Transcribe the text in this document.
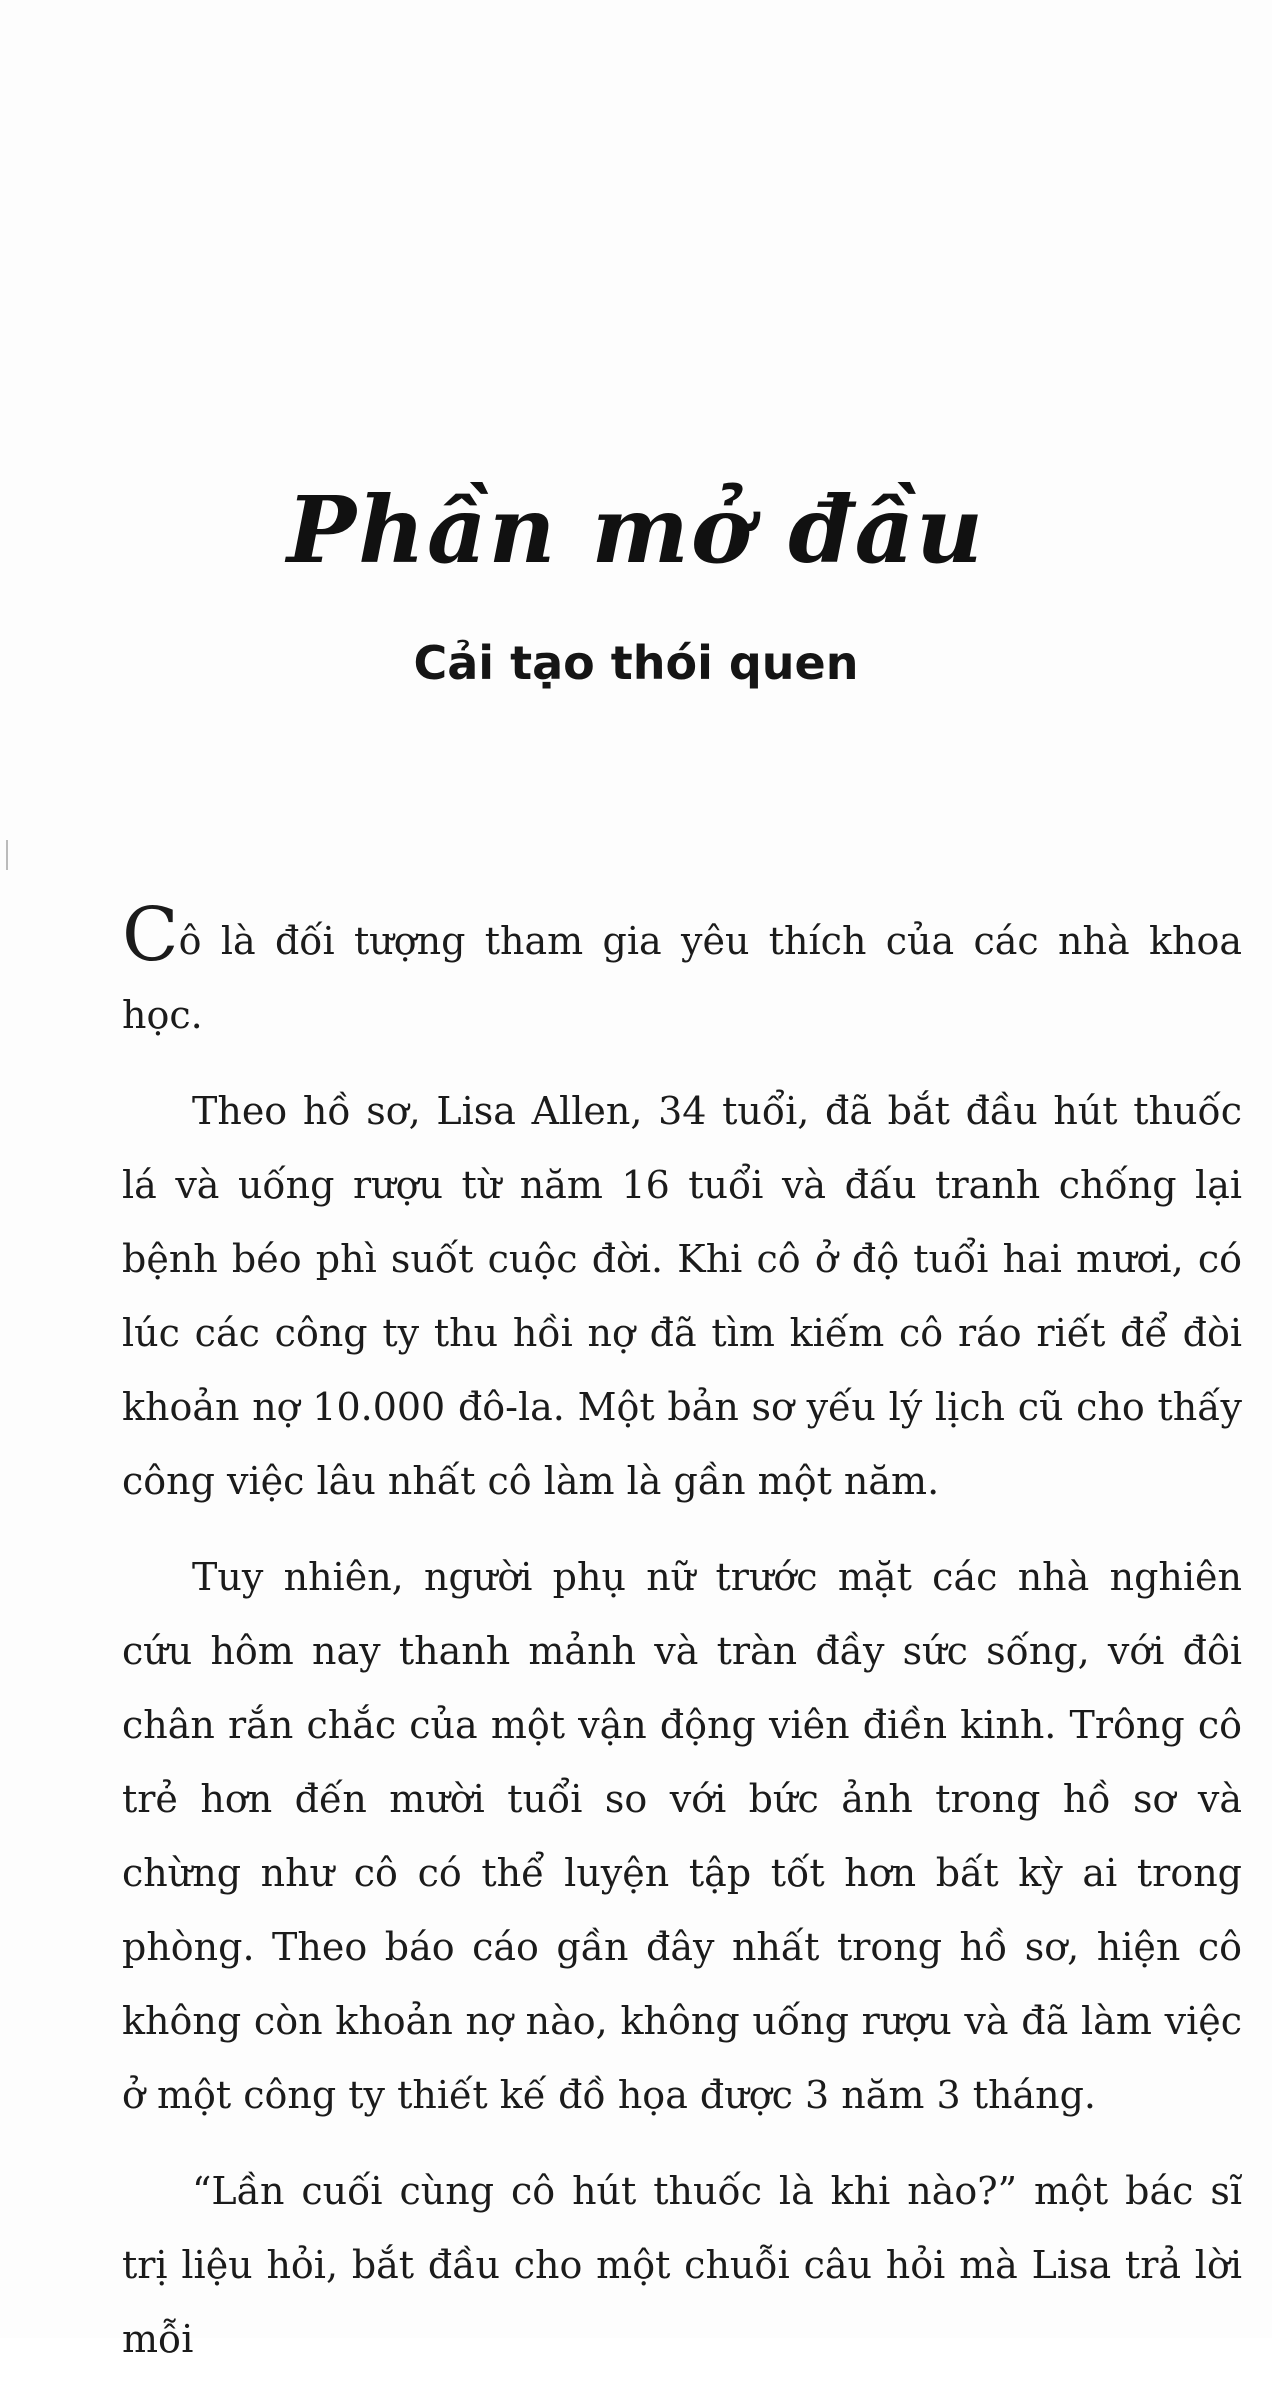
Phần mở đầu
Cải tạo thói quen

Cô là đối tượng tham gia yêu thích của các nhà khoa học.

Theo hồ sơ, Lisa Allen, 34 tuổi, đã bắt đầu hút thuốc lá và uống rượu từ năm 16 tuổi và đấu tranh chống lại bệnh béo phì suốt cuộc đời. Khi cô ở độ tuổi hai mươi, có lúc các công ty thu hồi nợ đã tìm kiếm cô ráo riết để đòi khoản nợ 10.000 đô-la. Một bản sơ yếu lý lịch cũ cho thấy công việc lâu nhất cô làm là gần một năm.

Tuy nhiên, người phụ nữ trước mặt các nhà nghiên cứu hôm nay thanh mảnh và tràn đầy sức sống, với đôi chân rắn chắc của một vận động viên điền kinh. Trông cô trẻ hơn đến mười tuổi so với bức ảnh trong hồ sơ và chừng như cô có thể luyện tập tốt hơn bất kỳ ai trong phòng. Theo báo cáo gần đây nhất trong hồ sơ, hiện cô không còn khoản nợ nào, không uống rượu và đã làm việc ở một công ty thiết kế đồ họa được 3 năm 3 tháng.

“Lần cuối cùng cô hút thuốc là khi nào?” một bác sĩ trị liệu hỏi, bắt đầu cho một chuỗi câu hỏi mà Lisa trả lời mỗi
